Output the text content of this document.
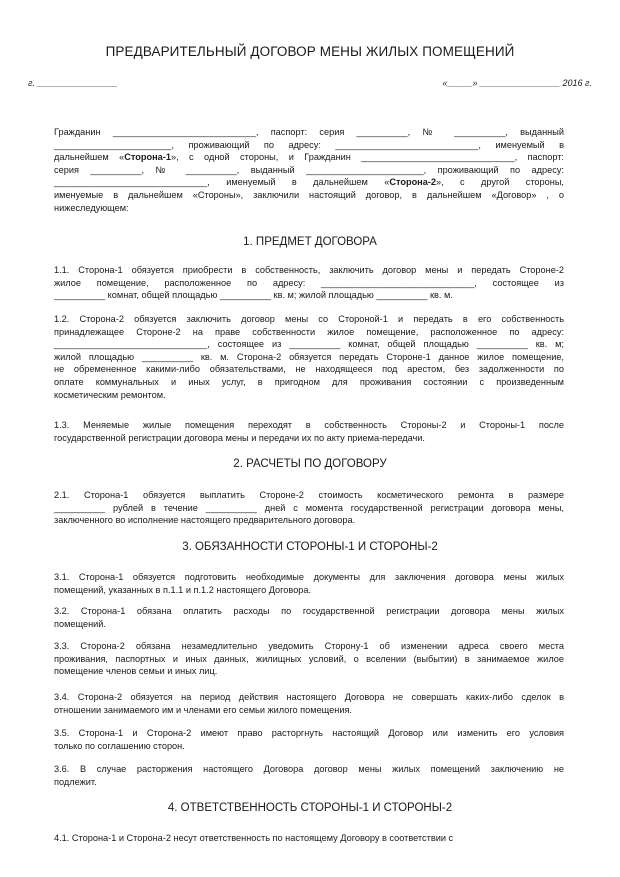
ПРЕДВАРИТЕЛЬНЫЙ ДОГОВОР МЕНЫ ЖИЛЫХ ПОМЕЩЕНИЙ
г. ________________	«_____» ________________ 2016 г.
Гражданин ____________________________, паспорт: серия __________, № __________, выданный
_______________________, проживающий по адресу: ____________________________, именуемый в
дальнейшем «Сторона-1», с одной стороны, и Гражданин ______________________________, паспорт:
серия __________, № __________, выданный _______________________, проживающий по адресу:
______________________________, именуемый в дальнейшем «Сторона-2», с другой стороны,
именуемые в дальнейшем «Стороны», заключили настоящий договор, в дальнейшем «Договор» , о
нижеследующем:
1. ПРЕДМЕТ ДОГОВОРА
1.1. Сторона-1 обязуется приобрести в собственность, заключить договор мены и передать Стороне-2
жилое помещение, расположенное по адресу: ______________________________, состоящее из
__________ комнат, общей площадью __________ кв. м; жилой площадью __________ кв. м.
1.2. Сторона-2 обязуется заключить договор мены со Стороной-1 и передать в его собственность
принадлежащее Стороне-2 на праве собственности жилое помещение, расположенное по адресу:
______________________________, состоящее из __________ комнат, общей площадью __________ кв. м;
жилой площадью __________ кв. м. Сторона-2 обязуется передать Стороне-1 данное жилое помещение,
не обремененное какими-либо обязательствами, не находящееся под арестом, без задолженности по
оплате коммунальных и иных услуг, в пригодном для проживания состоянии с произведенным
косметическим ремонтом.
1.3. Меняемые жилые помещения переходят в собственность Стороны-2 и Стороны-1 после
государственной регистрации договора мены и передачи их по акту приема-передачи.
2. РАСЧЕТЫ ПО ДОГОВОРУ
2.1. Сторона-1 обязуется выплатить Стороне-2 стоимость косметического ремонта в размере
__________ рублей в течение __________ дней с момента государственной регистрации договора мены,
заключенного во исполнение настоящего предварительного договора.
3. ОБЯЗАННОСТИ СТОРОНЫ-1 И СТОРОНЫ-2
3.1. Сторона-1 обязуется подготовить необходимые документы для заключения договора мены жилых
помещений, указанных в п.1.1 и п.1.2 настоящего Договора.
3.2. Сторона-1 обязана оплатить расходы по государственной регистрации договора мены жилых
помещений.
3.3. Сторона-2 обязана незамедлительно уведомить Сторону-1 об изменении адреса своего места
проживания, паспортных и иных данных, жилищных условий, о вселении (выбытии) в занимаемое жилое
помещение членов семьи и иных лиц.
3.4. Сторона-2 обязуется на период действия настоящего Договора не совершать каких-либо сделок в
отношении занимаемого им и членами его семьи жилого помещения.
3.5. Сторона-1 и Сторона-2 имеют право расторгнуть настоящий Договор или изменить его условия
только по соглашению сторон.
3.6. В случае расторжения настоящего Договора договор мены жилых помещений заключению не
подлежит.
4. ОТВЕТСТВЕННОСТЬ СТОРОНЫ-1 И СТОРОНЫ-2
4.1. Сторона-1 и Сторона-2 несут ответственность по настоящему Договору в соответствии с
